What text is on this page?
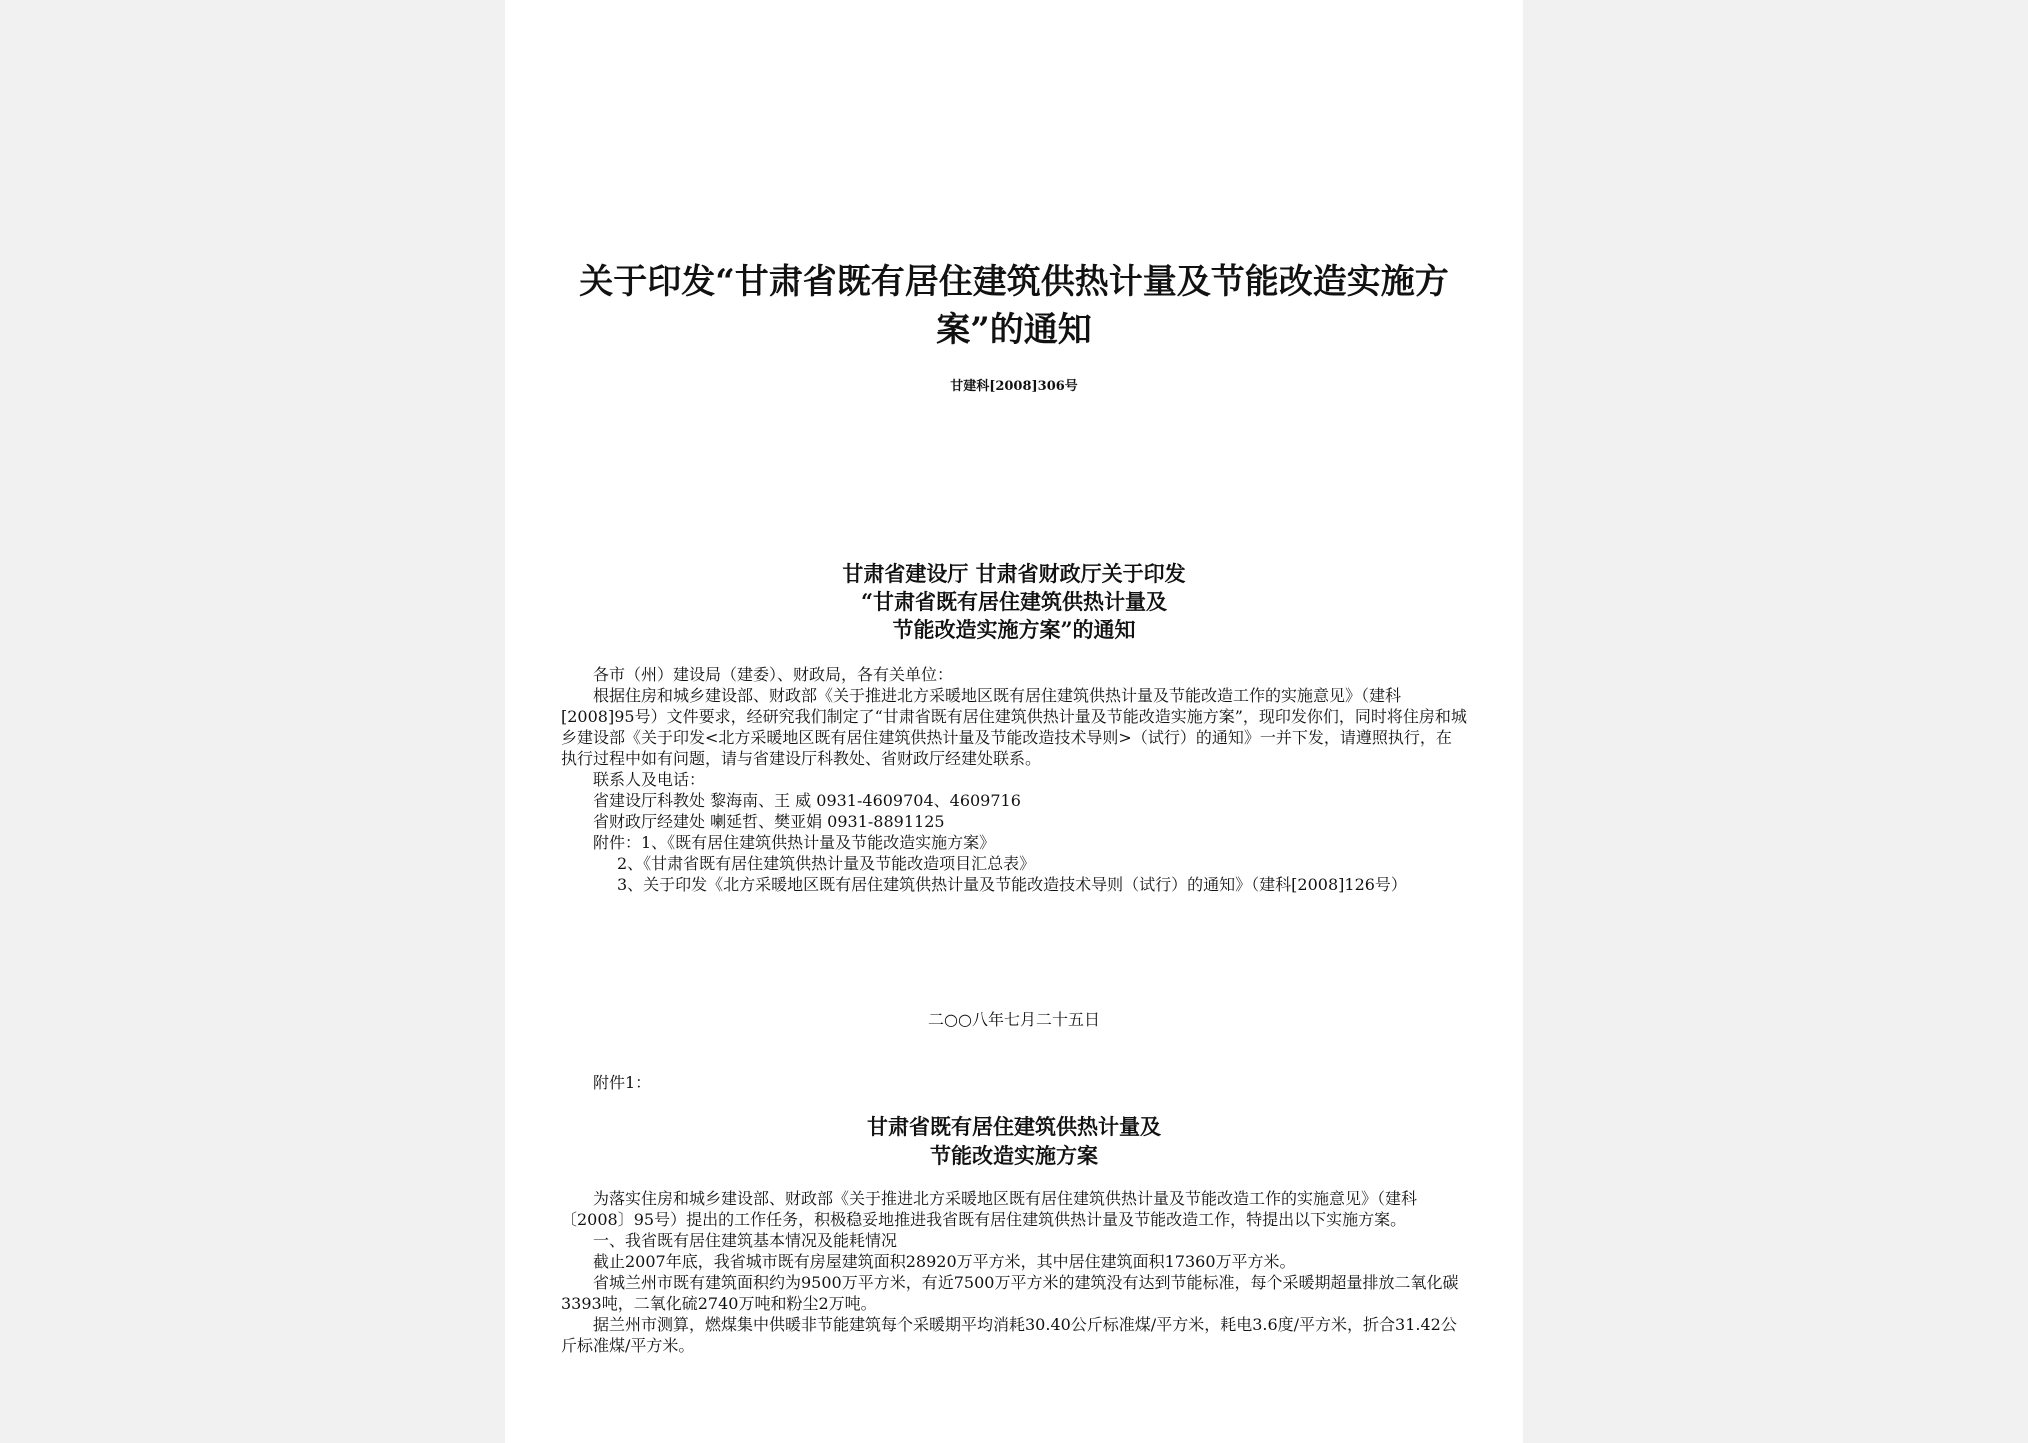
关于印发“甘肃省既有居住建筑供热计量及节能改造实施方案”的通知
甘建科[2008]306号
甘肃省建设厅 甘肃省财政厅关于印发
“甘肃省既有居住建筑供热计量及
节能改造实施方案”的通知

各市（州）建设局（建委）、财政局，各有关单位：

根据住房和城乡建设部、财政部《关于推进北方采暖地区既有居住建筑供热计量及节能改造工作的实施意见》（建科[2008]95号）文件要求，经研究我们制定了“甘肃省既有居住建筑供热计量及节能改造实施方案”，现印发你们，同时将住房和城乡建设部《关于印发<北方采暖地区既有居住建筑供热计量及节能改造技术导则>（试行）的通知》一并下发，请遵照执行，在执行过程中如有问题，请与省建设厅科教处、省财政厅经建处联系。

联系人及电话：

省建设厅科教处 黎海南、王 威 0931-4609704、4609716

省财政厅经建处 喇延哲、樊亚娟 0931-8891125

附件：1、《既有居住建筑供热计量及节能改造实施方案》

2、《甘肃省既有居住建筑供热计量及节能改造项目汇总表》

3、关于印发《北方采暖地区既有居住建筑供热计量及节能改造技术导则（试行）的通知》（建科[2008]126号）

二○○八年七月二十五日
附件1：
甘肃省既有居住建筑供热计量及
节能改造实施方案

为落实住房和城乡建设部、财政部《关于推进北方采暖地区既有居住建筑供热计量及节能改造工作的实施意见》（建科〔2008〕95号）提出的工作任务，积极稳妥地推进我省既有居住建筑供热计量及节能改造工作，特提出以下实施方案。

一、我省既有居住建筑基本情况及能耗情况

截止2007年底，我省城市既有房屋建筑面积28920万平方米，其中居住建筑面积17360万平方米。

省城兰州市既有建筑面积约为9500万平方米，有近7500万平方米的建筑没有达到节能标准，每个采暖期超量排放二氧化碳3393吨，二氧化硫2740万吨和粉尘2万吨。

据兰州市测算，燃煤集中供暖非节能建筑每个采暖期平均消耗30.40公斤标准煤/平方米，耗电3.6度/平方米，折合31.42公斤标准煤/平方米。
